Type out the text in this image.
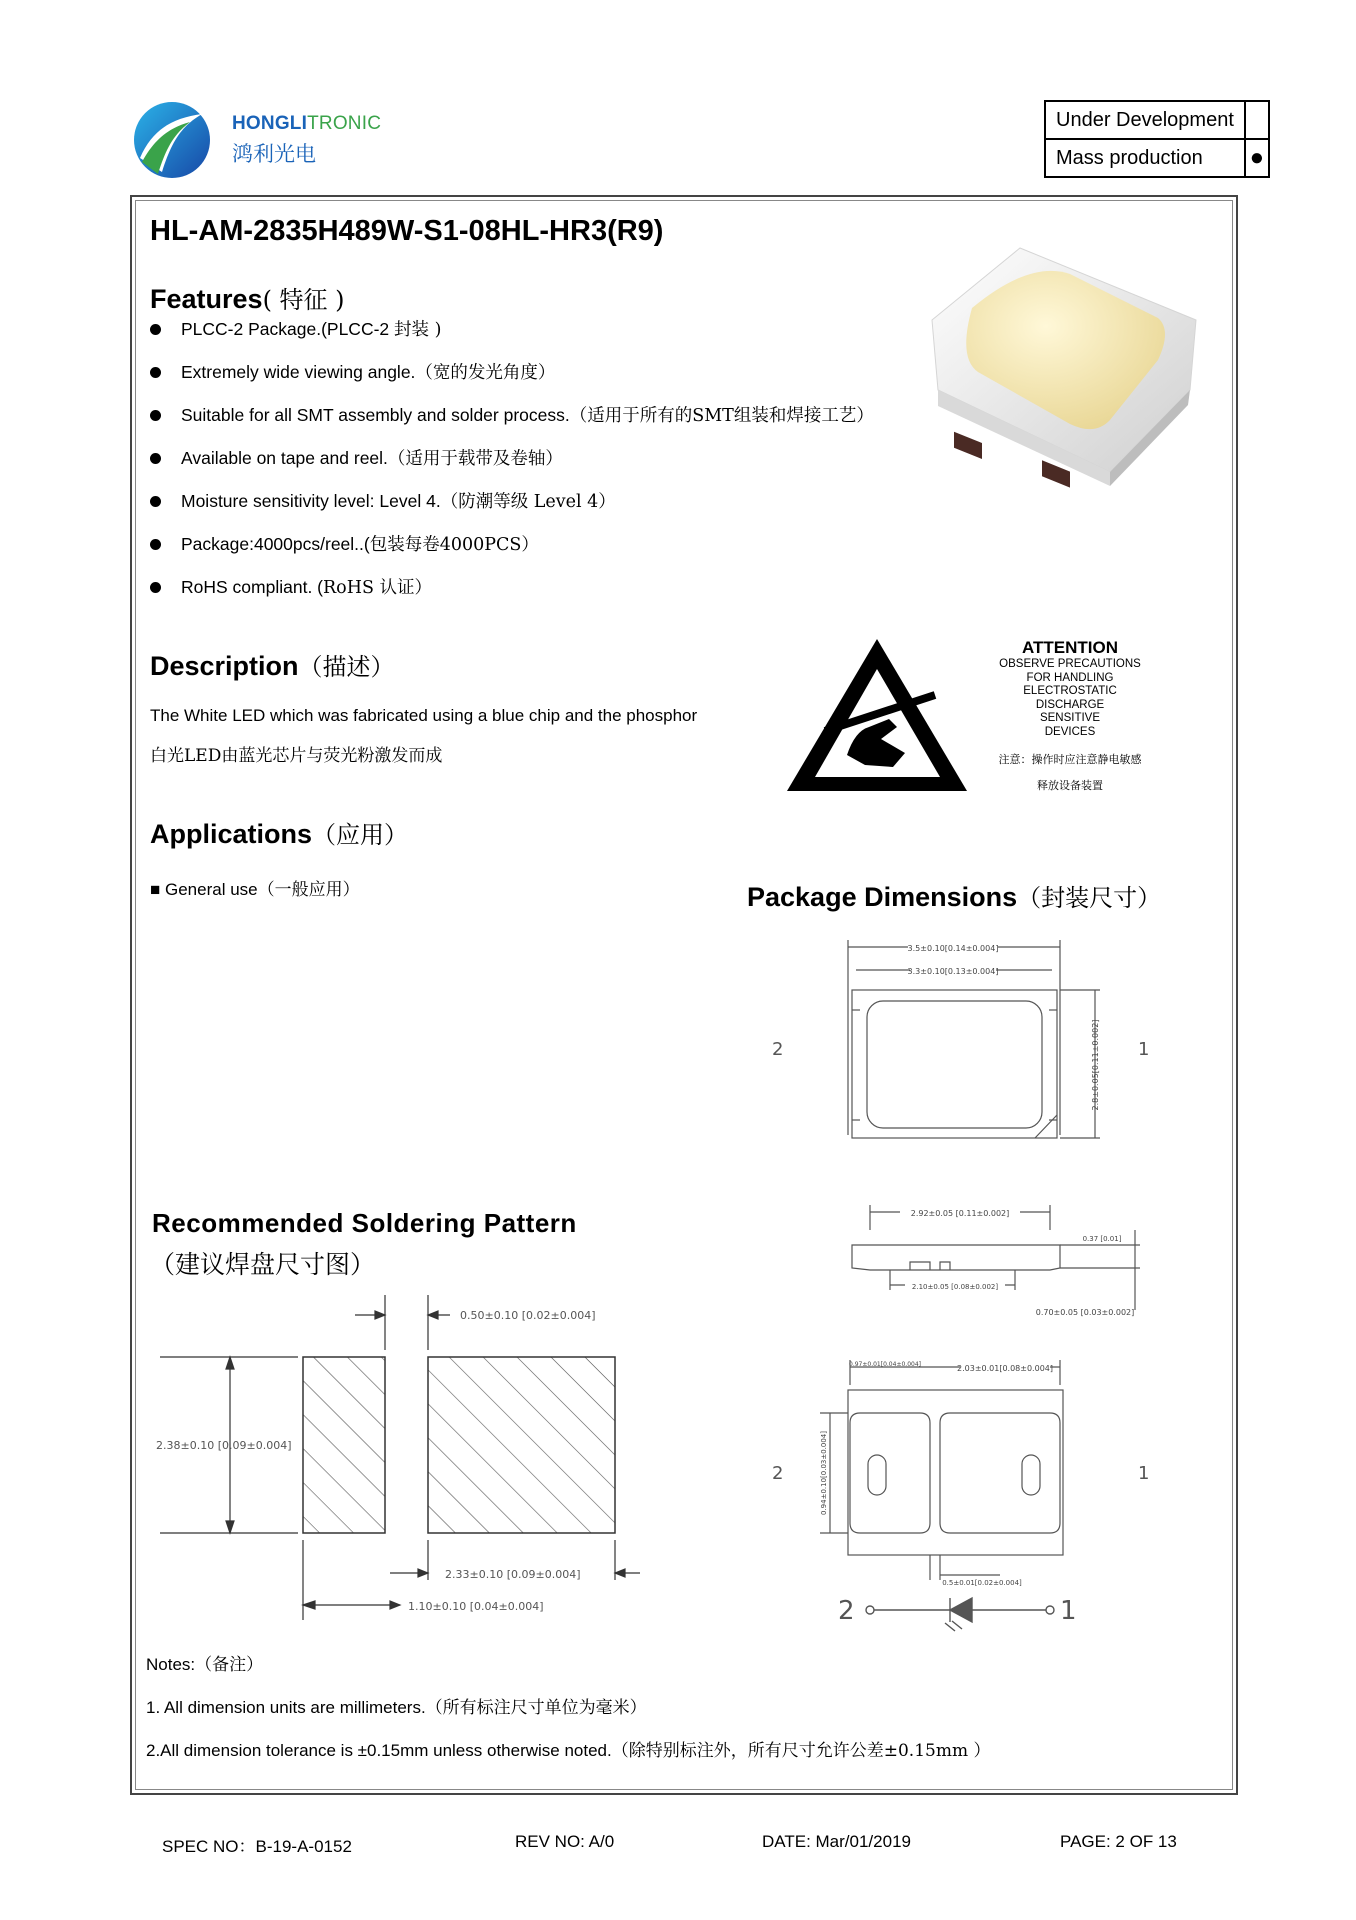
HONGLITRONIC
鸿利光电
Under Development	
Mass production	●
HL-AM-2835H489W-S1-08HL-HR3(R9)
Features( 特征 )
PLCC-2 Package.(PLCC-2 封装 )
Extremely wide viewing angle.（宽的发光角度）
Suitable for all SMT assembly and solder process.（适用于所有的SMT组装和焊接工艺）
Available on tape and reel.（适用于载带及卷轴）
Moisture sensitivity level: Level 4.（防潮等级 Level 4）
Package:4000pcs/reel..(包装每卷4000PCS）
RoHS compliant. (RoHS 认证）
Description（描述）
The White LED which was fabricated using a blue chip and the phosphor
白光LED由蓝光芯片与荧光粉激发而成
ATTENTION
OBSERVE PRECAUTIONS
FOR HANDLING
ELECTROSTATIC
DISCHARGE
SENSITIVE
DEVICES
注意：操作时应注意静电敏感
释放设备装置
Applications（应用）
■ General use（一般应用）	Package Dimensions（封装尺寸）
3.5±0.10[0.14±0.004]
3.3±0.10[0.13±0.004]
2.8±0.05[0.11±0.002]
2	1
2.92±0.05 [0.11±0.002]
2.10±0.05 [0.08±0.002]
0.37 [0.01]
0.70±0.05 [0.03±0.002]
0.97±0.01[0.04±0.004]	2.03±0.01[0.08±0.004]
0.5±0.01[0.02±0.004]
0.94±0.10[0.03±0.004]
2	1
2	1
Recommended Soldering Pattern
（建议焊盘尺寸图）
0.50±0.10 [0.02±0.004]
2.38±0.10 [0.09±0.004]
2.33±0.10 [0.09±0.004]
1.10±0.10 [0.04±0.004]
Notes:（备注）
1. All dimension units are millimeters.（所有标注尺寸单位为毫米）
2.All dimension tolerance is ±0.15mm unless otherwise noted.（除特别标注外，所有尺寸允许公差±0.15mm ）
SPEC NO：B-19-A-0152	REV NO: A/0	DATE: Mar/01/2019	PAGE: 2 OF 13
